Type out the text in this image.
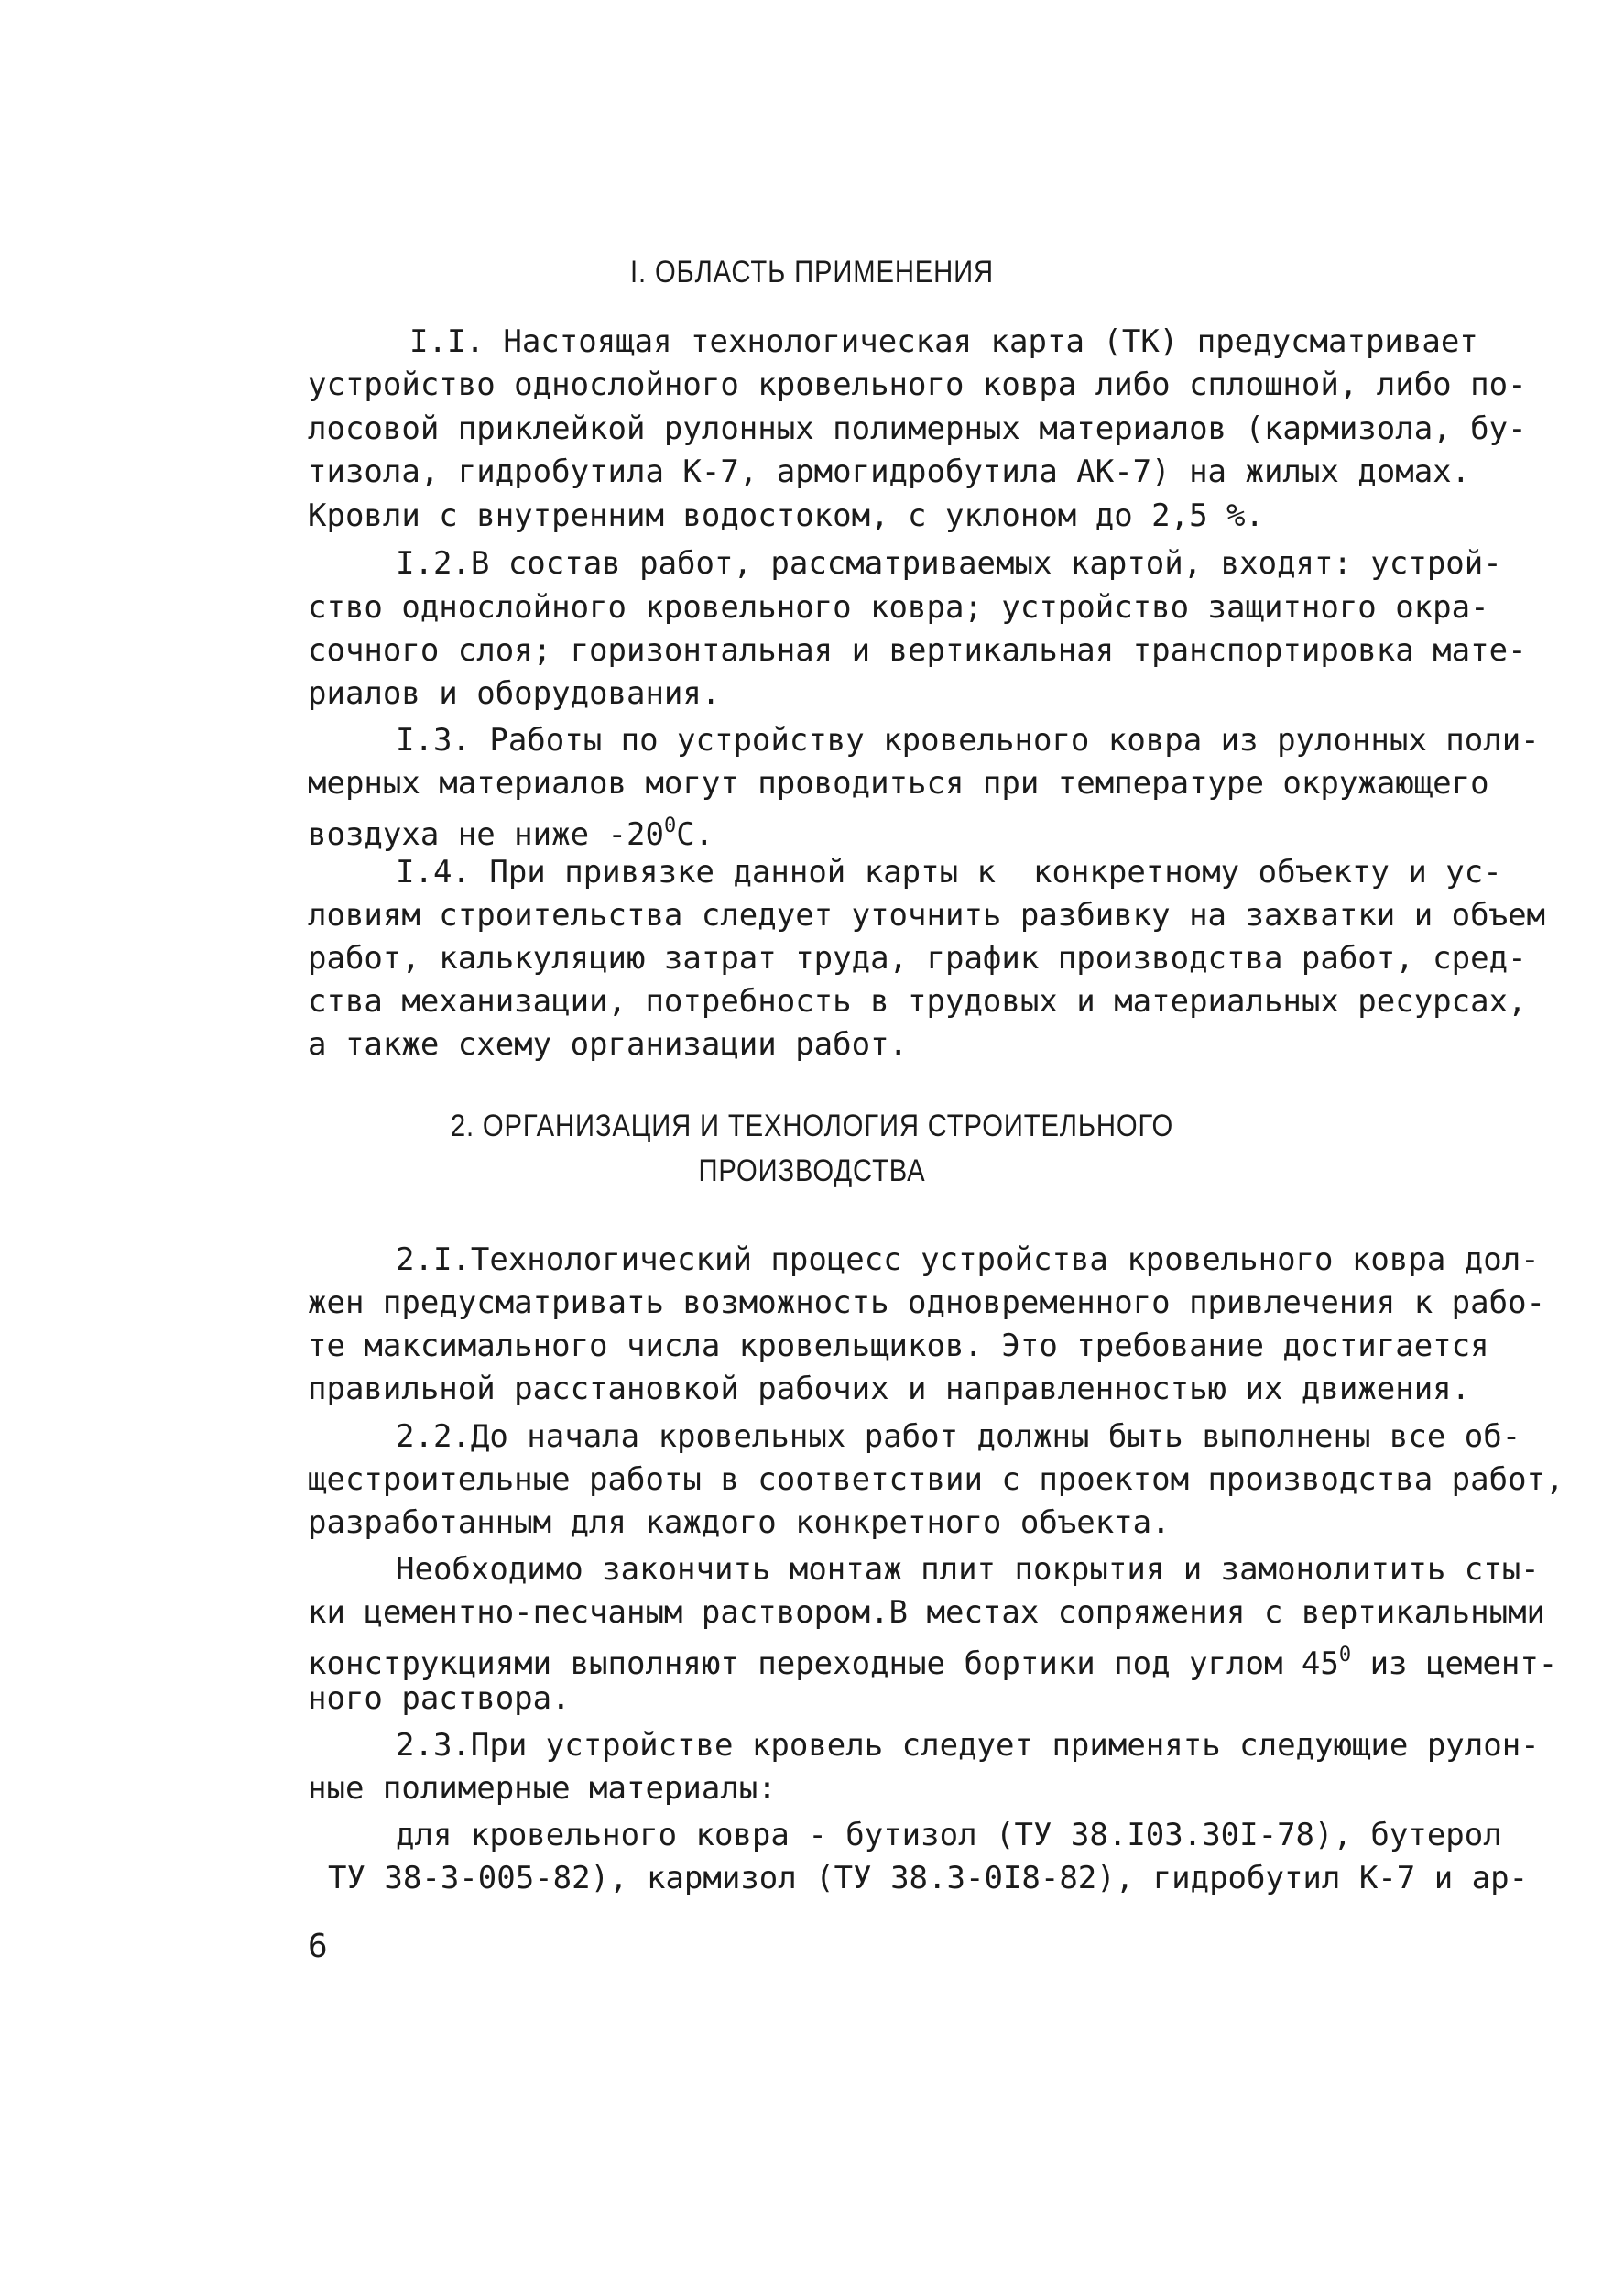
I. ОБЛАСТЬ ПРИМЕНЕНИЯ
I.I. Настоящая технологическая карта (ТК) предусматривает
устройство однослойного кровельного ковра либо сплошной, либо по-
лосовой приклейкой рулонных полимерных материалов (кармизола, бу-
тизола, гидробутила К-7, армогидробутила АК-7) на жилых домах.
Кровли с внутренним водостоком, с уклоном до 2,5 %.
I.2.В состав работ, рассматриваемых картой, входят: устрой-
ство однослойного кровельного ковра; устройство защитного окра-
сочного слоя; горизонтальная и вертикальная транспортировка мате-
риалов и оборудования.
I.3. Работы по устройству кровельного ковра из рулонных поли-
мерных материалов могут проводиться при температуре окружающего
воздуха не ниже $-20^0С$.
I.4. При привязке данной карты к  конкретному объекту и ус-
ловиям строительства следует уточнить разбивку на захватки и объем
работ, калькуляцию затрат труда, график производства работ, сред-
ства механизации, потребность в трудовых и материальных ресурсах,
а также схему организации работ.
2. ОРГАНИЗАЦИЯ И ТЕХНОЛОГИЯ СТРОИТЕЛЬНОГО
ПРОИЗВОДСТВА
2.I.Технологический процесс устройства кровельного ковра дол-
жен предусматривать возможность одновременного привлечения к рабо-
те максимального числа кровельщиков. Это требование достигается
правильной расстановкой рабочих и направленностью их движения.
2.2.До начала кровельных работ должны быть выполнены все об-
щестроительные работы в соответствии с проектом производства работ,
разработанным для каждого конкретного объекта.
Необходимо закончить монтаж плит покрытия и замонолитить сты-
ки цементно-песчаным раствором.В местах сопряжения с вертикальными
конструкциями выполняют переходные бортики под углом $45^0$ из цемент-
ного раствора.
2.3.При устройстве кровель следует применять следующие рулон-
ные полимерные материалы:
для кровельного ковра - бутизол (ТУ 38.I03.30I-78), бутерол
ТУ 38-3-005-82), кармизол (ТУ 38.3-0I8-82), гидробутил К-7 и ар-
6
